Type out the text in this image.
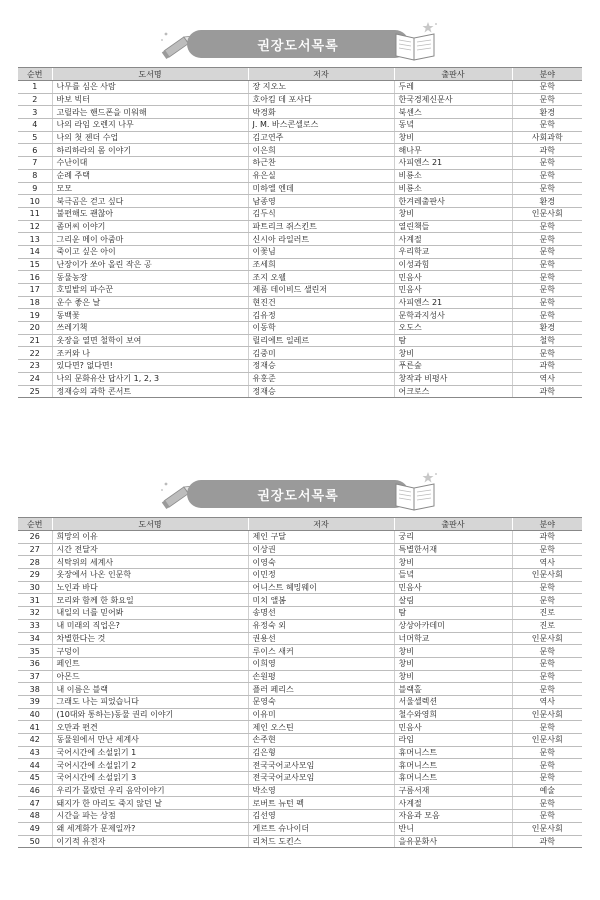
권장도서목록
순번	도서명	저자	출판사	분야
1	나무를 심은 사람	장 지오노	두레	문학
2	바보 빅터	호아킴 데 포사다	한국경제신문사	문학
3	고릴라는 핸드폰을 미워해	박경화	북센스	환경
4	나의 라임 오렌지 나무	J. M. 바스콘셀로스	동녘	문학
5	나의 첫 젠더 수업	김고연주	창비	사회과학
6	하리하라의 몸 이야기	이은희	해나무	과학
7	수난이대	하근찬	사피엔스 21	문학
8	순례 주택	유은실	비룡소	문학
9	모모	미하엘 엔데	비룡소	문학
10	북극곰은 걷고 싶다	남종영	한겨레출판사	환경
11	불편해도 괜찮아	김두식	창비	인문사회
12	좀머씨 이야기	파트리크 쥐스킨트	열린책들	문학
13	그리운 메이 아줌마	신시아 라일러트	사계절	문학
14	죽이고 싶은 아이	이꽃님	우리학교	문학
15	난장이가 쏘아 올린 작은 공	조세희	이성과힘	문학
16	동물농장	조지 오웰	민음사	문학
17	호밀밭의 파수꾼	제롬 데이비드 샐린저	민음사	문학
18	운수 좋은 날	현진건	사피엔스 21	문학
19	동백꽃	김유정	문학과지성사	문학
20	쓰레기책	이동학	오도스	환경
21	옷장을 열면 철학이 보여	릴리에트 일레르	탐	철학
22	조커와 나	김중미	창비	문학
23	있다면? 없다면!	정재승	푸른숲	과학
24	나의 문화유산 답사기 1, 2, 3	유홍준	창작과 비평사	역사
25	정재승의 과학 콘서트	정재승	어크로스	과학
권장도서목록
순번	도서명	저자	출판사	분야
26	희망의 이유	제인 구달	궁리	과학
27	시간 전달자	이상권	특별한서재	문학
28	식탁위의 세계사	이영숙	창비	역사
29	옷장에서 나온 인문학	이민정	들녘	인문사회
30	노인과 바다	어니스트 헤밍웨이	민음사	문학
31	모리와 함께 한 화요일	미치 앨봄	살림	문학
32	내일의 너를 믿어봐	송명선	탐	진로
33	내 미래의 직업은?	유정숙 외	상상아카데미	진로
34	차별한다는 것	권용선	너머학교	인문사회
35	구덩이	루이스 새커	창비	문학
36	페인트	이희영	창비	문학
37	아몬드	손원평	창비	문학
38	내 이름은 블랙	플러 페리스	블랙홀	문학
39	그래도 나는 피었습니다	문영숙	서울셀렉션	역사
40	(10대와 통하는)동물 권리 이야기	이유미	철수와영희	인문사회
41	오만과 편견	제인 오스틴	민음사	문학
42	동물원에서 만난 세계사	손주현	라임	인문사회
43	국어시간에 소설읽기 1	김은형	휴머니스트	문학
44	국어시간에 소설읽기 2	전국국어교사모임	휴머니스트	문학
45	국어시간에 소설읽기 3	전국국어교사모임	휴머니스트	문학
46	우리가 몰랐던 우리 음악이야기	박소영	구름서재	예술
47	돼지가 한 마리도 죽지 않던 날	로버트 뉴턴 펙	사계절	문학
48	시간을 파는 상점	김선영	자음과 모음	문학
49	왜 세계화가 문제일까?	게르트 슈나이더	반니	인문사회
50	이기적 유전자	리처드 도킨스	을유문화사	과학
